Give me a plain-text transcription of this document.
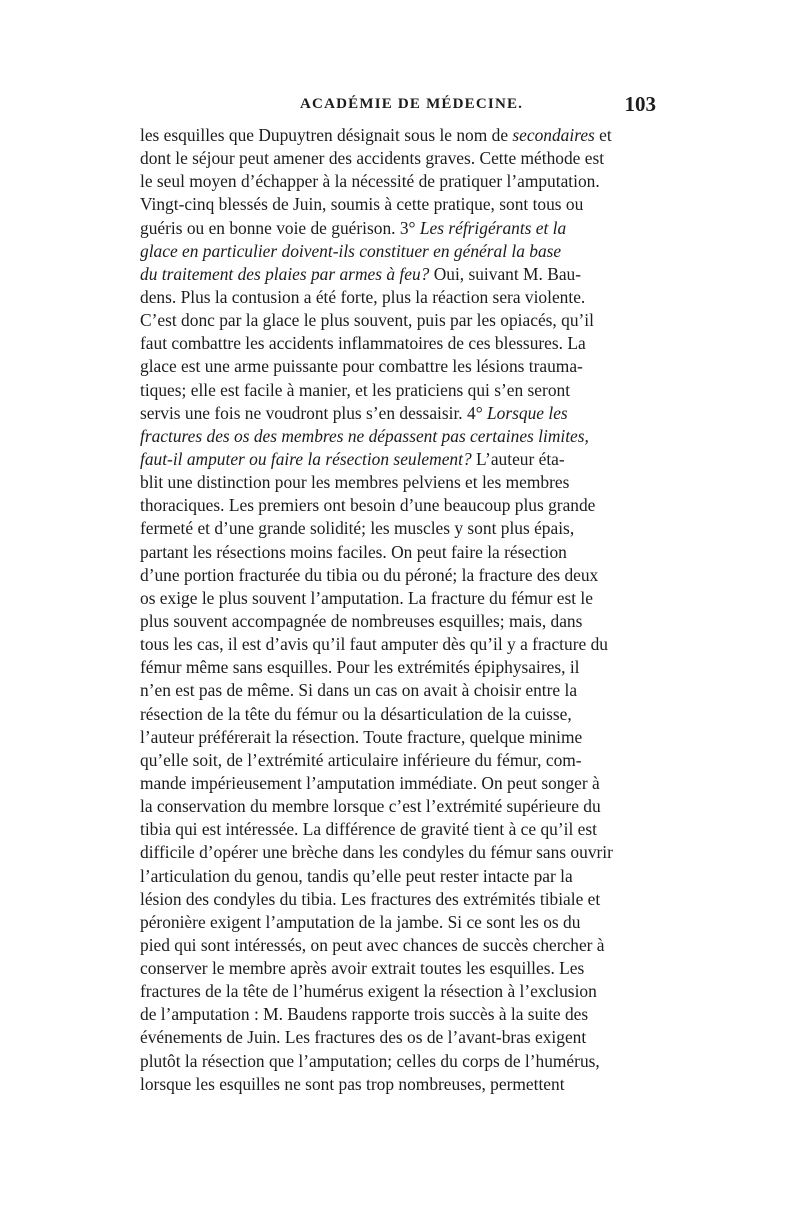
ACADÉMIE DE MÉDECINE.	103
les esquilles que Dupuytren désignait sous le nom de secondaires et
dont le séjour peut amener des accidents graves. Cette méthode est
le seul moyen d’échapper à la nécessité de pratiquer l’amputation.
Vingt-cinq blessés de Juin, soumis à cette pratique, sont tous ou
guéris ou en bonne voie de guérison. 3° Les réfrigérants et la
glace en particulier doivent-ils constituer en général la base
du traitement des plaies par armes à feu? Oui, suivant M. Bau-
dens. Plus la contusion a été forte, plus la réaction sera violente.
C’est donc par la glace le plus souvent, puis par les opiacés, qu’il
faut combattre les accidents inflammatoires de ces blessures. La
glace est une arme puissante pour combattre les lésions trauma-
tiques; elle est facile à manier, et les praticiens qui s’en seront
servis une fois ne voudront plus s’en dessaisir. 4° Lorsque les
fractures des os des membres ne dépassent pas certaines limites,
faut-il amputer ou faire la résection seulement? L’auteur éta-
blit une distinction pour les membres pelviens et les membres
thoraciques. Les premiers ont besoin d’une beaucoup plus grande
fermeté et d’une grande solidité; les muscles y sont plus épais,
partant les résections moins faciles. On peut faire la résection
d’une portion fracturée du tibia ou du péroné; la fracture des deux
os exige le plus souvent l’amputation. La fracture du fémur est le
plus souvent accompagnée de nombreuses esquilles; mais, dans
tous les cas, il est d’avis qu’il faut amputer dès qu’il y a fracture du
fémur même sans esquilles. Pour les extrémités épiphysaires, il
n’en est pas de même. Si dans un cas on avait à choisir entre la
résection de la tête du fémur ou la désarticulation de la cuisse,
l’auteur préférerait la résection. Toute fracture, quelque minime
qu’elle soit, de l’extrémité articulaire inférieure du fémur, com-
mande impérieusement l’amputation immédiate. On peut songer à
la conservation du membre lorsque c’est l’extrémité supérieure du
tibia qui est intéressée. La différence de gravité tient à ce qu’il est
difficile d’opérer une brèche dans les condyles du fémur sans ouvrir
l’articulation du genou, tandis qu’elle peut rester intacte par la
lésion des condyles du tibia. Les fractures des extrémités tibiale et
péronière exigent l’amputation de la jambe. Si ce sont les os du
pied qui sont intéressés, on peut avec chances de succès chercher à
conserver le membre après avoir extrait toutes les esquilles. Les
fractures de la tête de l’humérus exigent la résection à l’exclusion
de l’amputation : M. Baudens rapporte trois succès à la suite des
événements de Juin. Les fractures des os de l’avant-bras exigent
plutôt la résection que l’amputation; celles du corps de l’humérus,
lorsque les esquilles ne sont pas trop nombreuses, permettent
